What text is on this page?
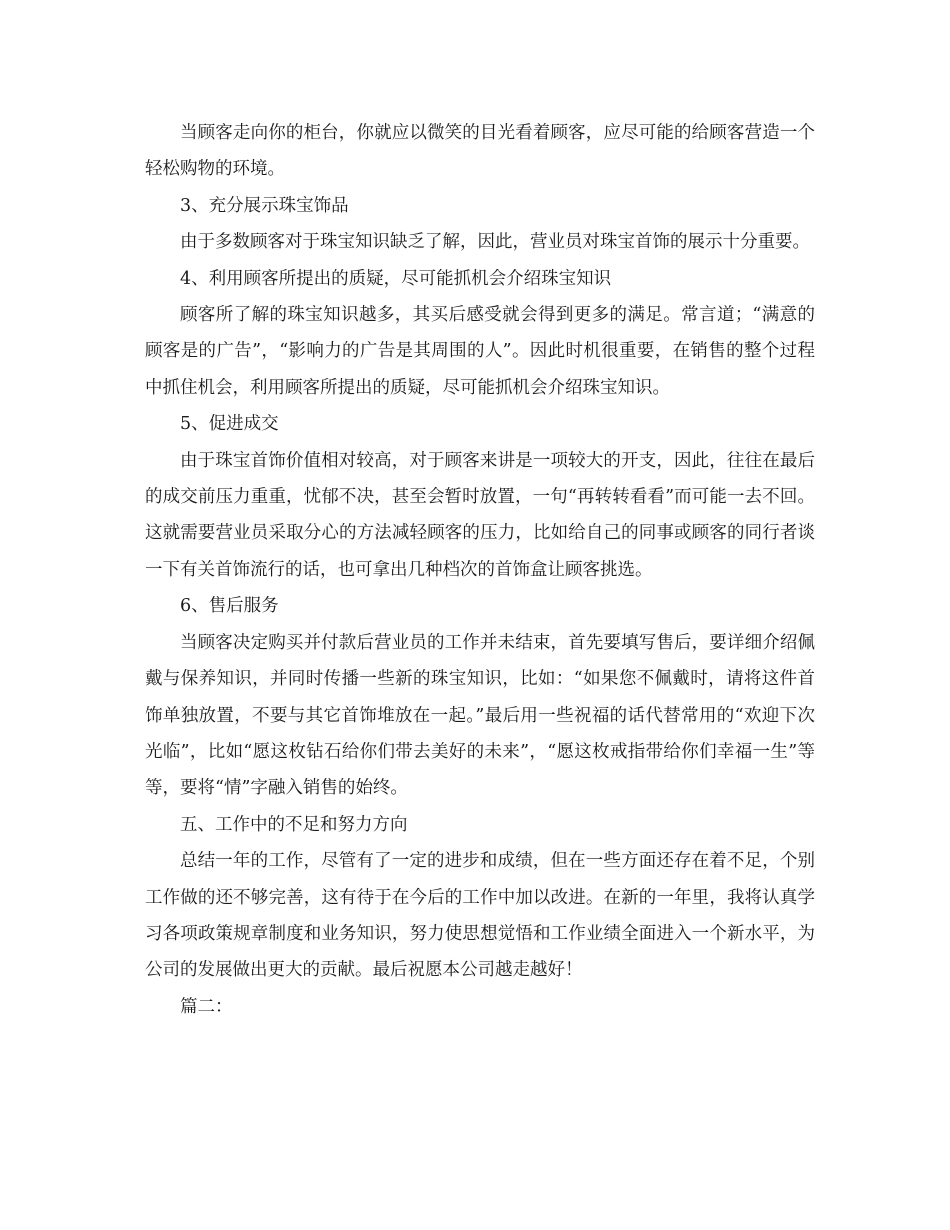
当顾客走向你的柜台，你就应以微笑的目光看着顾客，应尽可能的给顾客营造一个轻松购物的环境。

3、充分展示珠宝饰品

由于多数顾客对于珠宝知识缺乏了解，因此，营业员对珠宝首饰的展示十分重要。

4、利用顾客所提出的质疑，尽可能抓机会介绍珠宝知识

顾客所了解的珠宝知识越多，其买后感受就会得到更多的满足。常言道；“满意的顾客是的广告”，“影响力的广告是其周围的人”。因此时机很重要，在销售的整个过程中抓住机会，利用顾客所提出的质疑，尽可能抓机会介绍珠宝知识。

5、促进成交

由于珠宝首饰价值相对较高，对于顾客来讲是一项较大的开支，因此，往往在最后的成交前压力重重，忧郁不决，甚至会暂时放置，一句“再转转看看”而可能一去不回。这就需要营业员采取分心的方法减轻顾客的压力，比如给自己的同事或顾客的同行者谈一下有关首饰流行的话，也可拿出几种档次的首饰盒让顾客挑选。

6、售后服务

当顾客决定购买并付款后营业员的工作并未结束，首先要填写售后，要详细介绍佩戴与保养知识，并同时传播一些新的珠宝知识，比如：“如果您不佩戴时，请将这件首饰单独放置，不要与其它首饰堆放在一起。”最后用一些祝福的话代替常用的“欢迎下次光临”，比如“愿这枚钻石给你们带去美好的未来”，“愿这枚戒指带给你们幸福一生”等等，要将“情”字融入销售的始终。

五、工作中的不足和努力方向

总结一年的工作，尽管有了一定的进步和成绩，但在一些方面还存在着不足，个别工作做的还不够完善，这有待于在今后的工作中加以改进。在新的一年里，我将认真学习各项政策规章制度和业务知识，努力使思想觉悟和工作业绩全面进入一个新水平，为公司的发展做出更大的贡献。最后祝愿本公司越走越好！

篇二：
